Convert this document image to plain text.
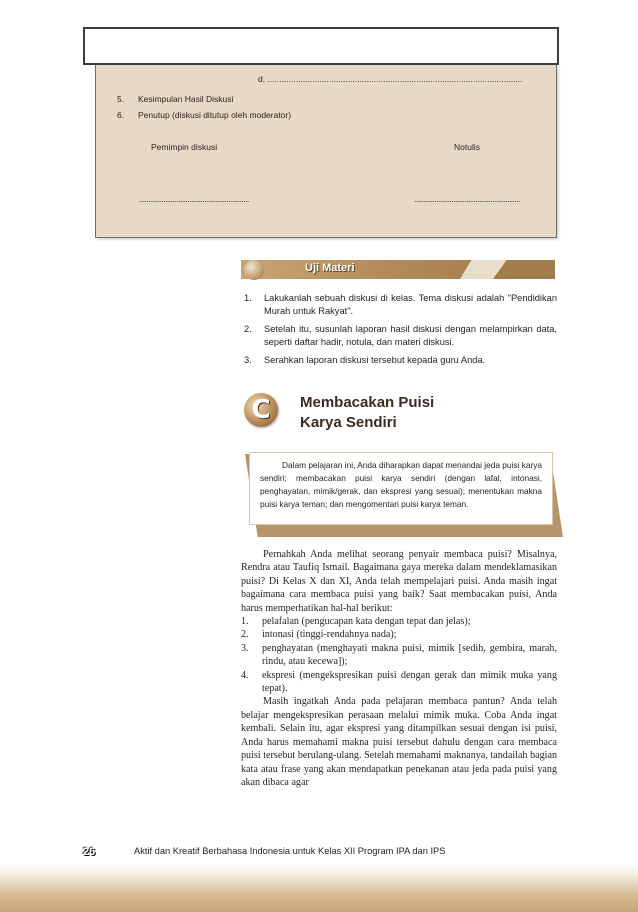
d. ............................................................................................................
5. Kesimpulan Hasil Diskusi
6. Penutup (diskusi ditutup oleh moderator)
Pemimpin diskusi	Notulis
...........................................................	.........................................................
Uji Materi
1. Lakukanlah sebuah diskusi di kelas. Tema diskusi adalah "Pendidikan Murah untuk Rakyat".
2. Setelah itu, susunlah laporan hasil diskusi dengan melampirkan data, seperti daftar hadir, notula, dan materi diskusi.
3. Serahkan laporan diskusi tersebut kepada guru Anda.
C	Membacakan Puisi
Karya Sendiri
Dalam pelajaran ini, Anda diharapkan dapat menandai jeda puisi karya sendiri; membacakan puisi karya sendiri (dengan lafal, intonasi, penghayatan, mimik/gerak, dan ekspresi yang sesuai); menentukan makna puisi karya teman; dan mengomentari puisi karya teman.

Pernahkah Anda melihat seorang penyair membaca puisi? Misalnya, Rendra atau Taufiq Ismail. Bagaimana gaya mereka dalam mendeklamasikan puisi? Di Kelas X dan XI, Anda telah mempelajari puisi. Anda masih ingat bagaimana cara membaca puisi yang baik? Saat membacakan puisi, Anda harus memperhatikan hal-hal berikut:

1. pelafalan (pengucapan kata dengan tepat dan jelas);
2. intonasi (tinggi-rendahnya nada);
3. penghayatan (menghayati makna puisi, mimik [sedih, gembira, marah, rindu, atau kecewa]);
4. ekspresi (mengekspresikan puisi dengan gerak dan mimik muka yang tepat).

Masih ingatkah Anda pada pelajaran membaca pantun? Anda telah belajar mengekspresikan perasaan melalui mimik muka. Coba Anda ingat kembali. Selain itu, agar ekspresi yang ditampilkan sesuai dengan isi puisi, Anda harus memahami makna puisi tersebut dahulu dengan cara membaca puisi tersebut berulang-ulang. Setelah memahami maknanya, tandailah bagian kata atau frase yang akan mendapatkan penekanan atau jeda pada puisi yang akan dibaca agar

26	Aktif dan Kreatif Berbahasa Indonesia untuk Kelas XII Program IPA dan IPS
